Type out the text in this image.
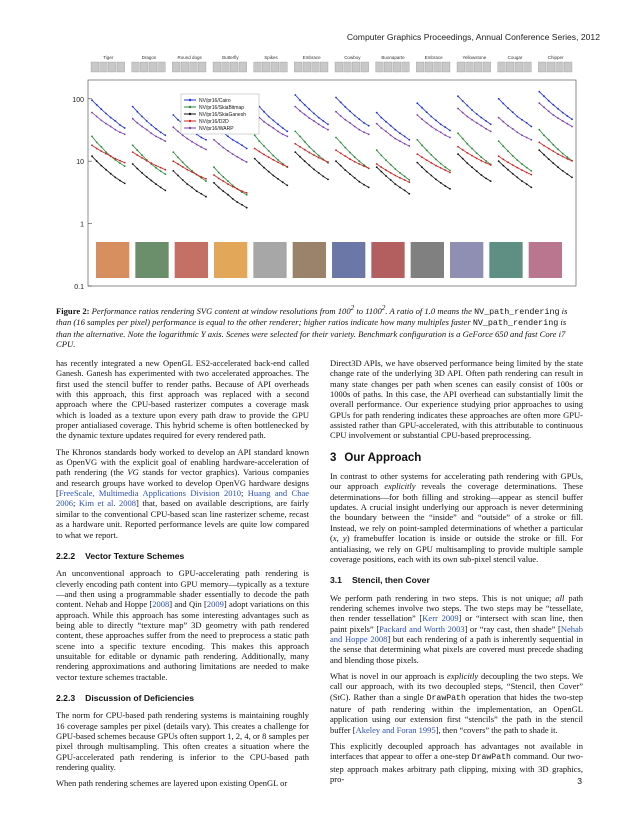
Computer Graphics Proceedings, Annual Conference Series, 2012
100
10
1
0.1
Tiger	Dragon	Round dogs	Butterfly	Spikes	Embrace	Cowboy	Buonaparte	Embrace	Yellowstone	Cougar	Chipper
NV/pr16/Cairo
NV/pr16/SkiaBitmap
NV/pr16/SkiaGanesh
NV/pr16/D2D
NV/pr16/WARP
Figure 2: Performance ratios rendering SVG content at window resolutions from $100^2$ to 1100$^2$. A ratio of 1.0 means the NV_path_rendering is than (16 samples per pixel) performance is equal to the other renderer; higher ratios indicate how many multiples faster NV_path_rendering is than the alternative. Note the logarithmic Y axis. Scenes were selected for their variety. Benchmark configuration is a GeForce 650 and fast Core i7 CPU.

has recently integrated a new OpenGL ES2-accelerated back-end called Ganesh. Ganesh has experimented with two accelerated approaches. The first used the stencil buffer to render paths. Because of API overheads with this approach, this first approach was replaced with a second approach where the CPU-based rasterizer computes a coverage mask which is loaded as a texture upon every path draw to provide the GPU proper antialiased coverage. This hybrid scheme is often bottlenecked by the dynamic texture updates required for every rendered path.

The Khronos standards body worked to develop an API standard known as OpenVG with the explicit goal of enabling hardware-acceleration of path rendering (the VG stands for vector graphics). Various companies and research groups have worked to develop OpenVG hardware designs [FreeScale, Multimedia Applications Division 2010; Huang and Chae 2006; Kim et al. 2008] that, based on available descriptions, are fairly similar to the conventional CPU-based scan line rasterizer scheme, recast as a hardware unit. Reported performance levels are quite low compared to what we report.

2.2.2 Vector Texture Schemes

An unconventional approach to GPU-accelerating path rendering is cleverly encoding path content into GPU memory—typically as a texture—and then using a programmable shader essentially to decode the path content. Nehab and Hoppe [2008] and Qin [2009] adopt variations on this approach. While this approach has some interesting advantages such as being able to directly “texture map” 3D geometry with path rendered content, these approaches suffer from the need to preprocess a static path scene into a specific texture encoding. This makes this approach unsuitable for editable or dynamic path rendering. Additionally, many rendering approximations and authoring limitations are needed to make vector texture schemes tractable.

2.2.3 Discussion of Deficiencies

The norm for CPU-based path rendering systems is maintaining roughly 16 coverage samples per pixel (details vary). This creates a challenge for GPU-based schemes because GPUs often support 1, 2, 4, or 8 samples per pixel through multisampling. This often creates a situation where the GPU-accelerated path rendering is inferior to the CPU-based path rendering quality.

When path rendering schemes are layered upon existing OpenGL or

Direct3D APIs, we have observed performance being limited by the state change rate of the underlying 3D API. Often path rendering can result in many state changes per path when scenes can easily consist of 100s or 1000s of paths. In this case, the API overhead can substantially limit the overall performance. Our experience studying prior approaches to using GPUs for path rendering indicates these approaches are often more GPU-assisted rather than GPU-accelerated, with this attributable to continuous CPU involvement or substantial CPU-based preprocessing.

3 Our Approach

In contrast to other systems for accelerating path rendering with GPUs, our approach explicitly reveals the coverage determinations. These determinations—for both filling and stroking—appear as stencil buffer updates. A crucial insight underlying our approach is never determining the boundary between the “inside” and “outside” of a stroke or fill. Instead, we rely on point-sampled determinations of whether a particular (x, y) framebuffer location is inside or outside the stroke or fill. For antialiasing, we rely on GPU multisampling to provide multiple sample coverage positions, each with its own sub-pixel stencil value.

3.1 Stencil, then Cover

We perform path rendering in two steps. This is not unique; all path rendering schemes involve two steps. The two steps may be “tessellate, then render tessellation” [Kerr 2009] or “intersect with scan line, then paint pixels” [Packard and Worth 2003] or “ray cast, then shade” [Nehab and Hoppe 2008] but each rendering of a path is inherently sequential in the sense that determining what pixels are covered must precede shading and blending those pixels.

What is novel in our approach is explicitly decoupling the two steps. We call our approach, with its two decoupled steps, “Stencil, then Cover” (StC). Rather than a single DrawPath operation that hides the two-step nature of path rendering within the implementation, an OpenGL application using our extension first “stencils” the path in the stencil buffer [Akeley and Foran 1995], then “covers” the path to shade it.

This explicitly decoupled approach has advantages not available in interfaces that appear to offer a one-step DrawPath command. Our two-step approach makes arbitrary path clipping, mixing with 3D graphics, pro-	3
